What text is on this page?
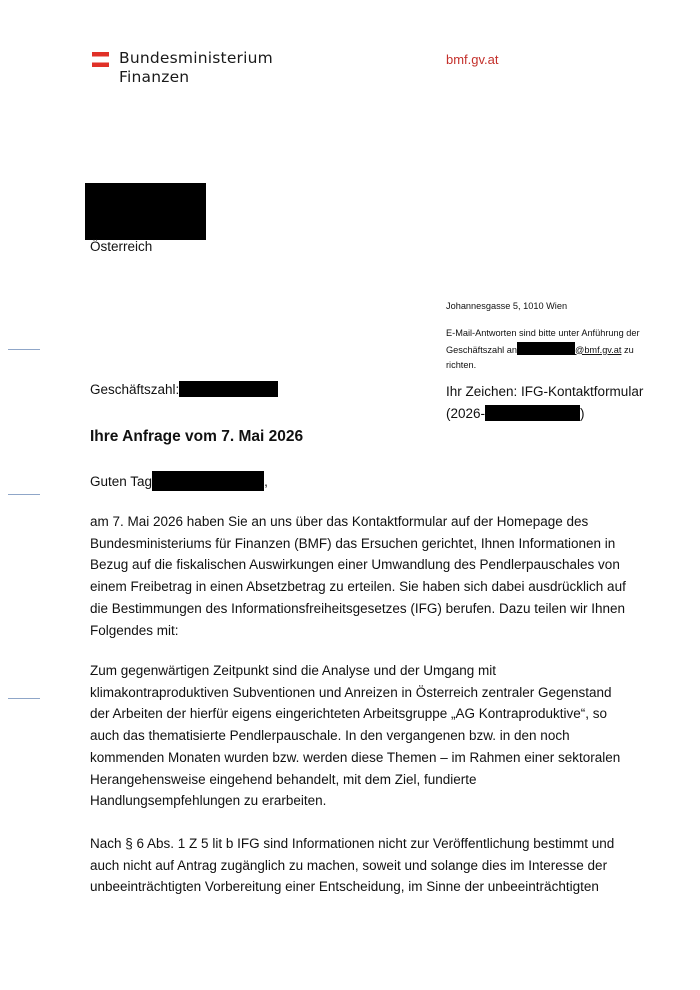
Bundesministerium
Finanzen
bmf.gv.at
Österreich
Johannesgasse 5, 1010 Wien
E-Mail-Antworten sind bitte unter Anführung der
Geschäftszahl an	@bmf.gv.at zu
richten.
Geschäftszahl:	Ihr Zeichen: IFG-Kontaktformular
(2026-	)
Ihre Anfrage vom 7. Mai 2026
Guten Tag	,
am 7. Mai 2026 haben Sie an uns über das Kontaktformular auf der Homepage des
Bundesministeriums für Finanzen (BMF) das Ersuchen gerichtet, Ihnen Informationen in
Bezug auf die fiskalischen Auswirkungen einer Umwandlung des Pendlerpauschales von
einem Freibetrag in einen Absetzbetrag zu erteilen. Sie haben sich dabei ausdrücklich auf
die Bestimmungen des Informationsfreiheitsgesetzes (IFG) berufen. Dazu teilen wir Ihnen
Folgendes mit:
Zum gegenwärtigen Zeitpunkt sind die Analyse und der Umgang mit
klimakontraproduktiven Subventionen und Anreizen in Österreich zentraler Gegenstand
der Arbeiten der hierfür eigens eingerichteten Arbeitsgruppe „AG Kontraproduktive“, so
auch das thematisierte Pendlerpauschale. In den vergangenen bzw. in den noch
kommenden Monaten wurden bzw. werden diese Themen – im Rahmen einer sektoralen
Herangehensweise eingehend behandelt, mit dem Ziel, fundierte
Handlungsempfehlungen zu erarbeiten.
Nach § 6 Abs. 1 Z 5 lit b IFG sind Informationen nicht zur Veröffentlichung bestimmt und
auch nicht auf Antrag zugänglich zu machen, soweit und solange dies im Interesse der
unbeeinträchtigten Vorbereitung einer Entscheidung, im Sinne der unbeeinträchtigten
